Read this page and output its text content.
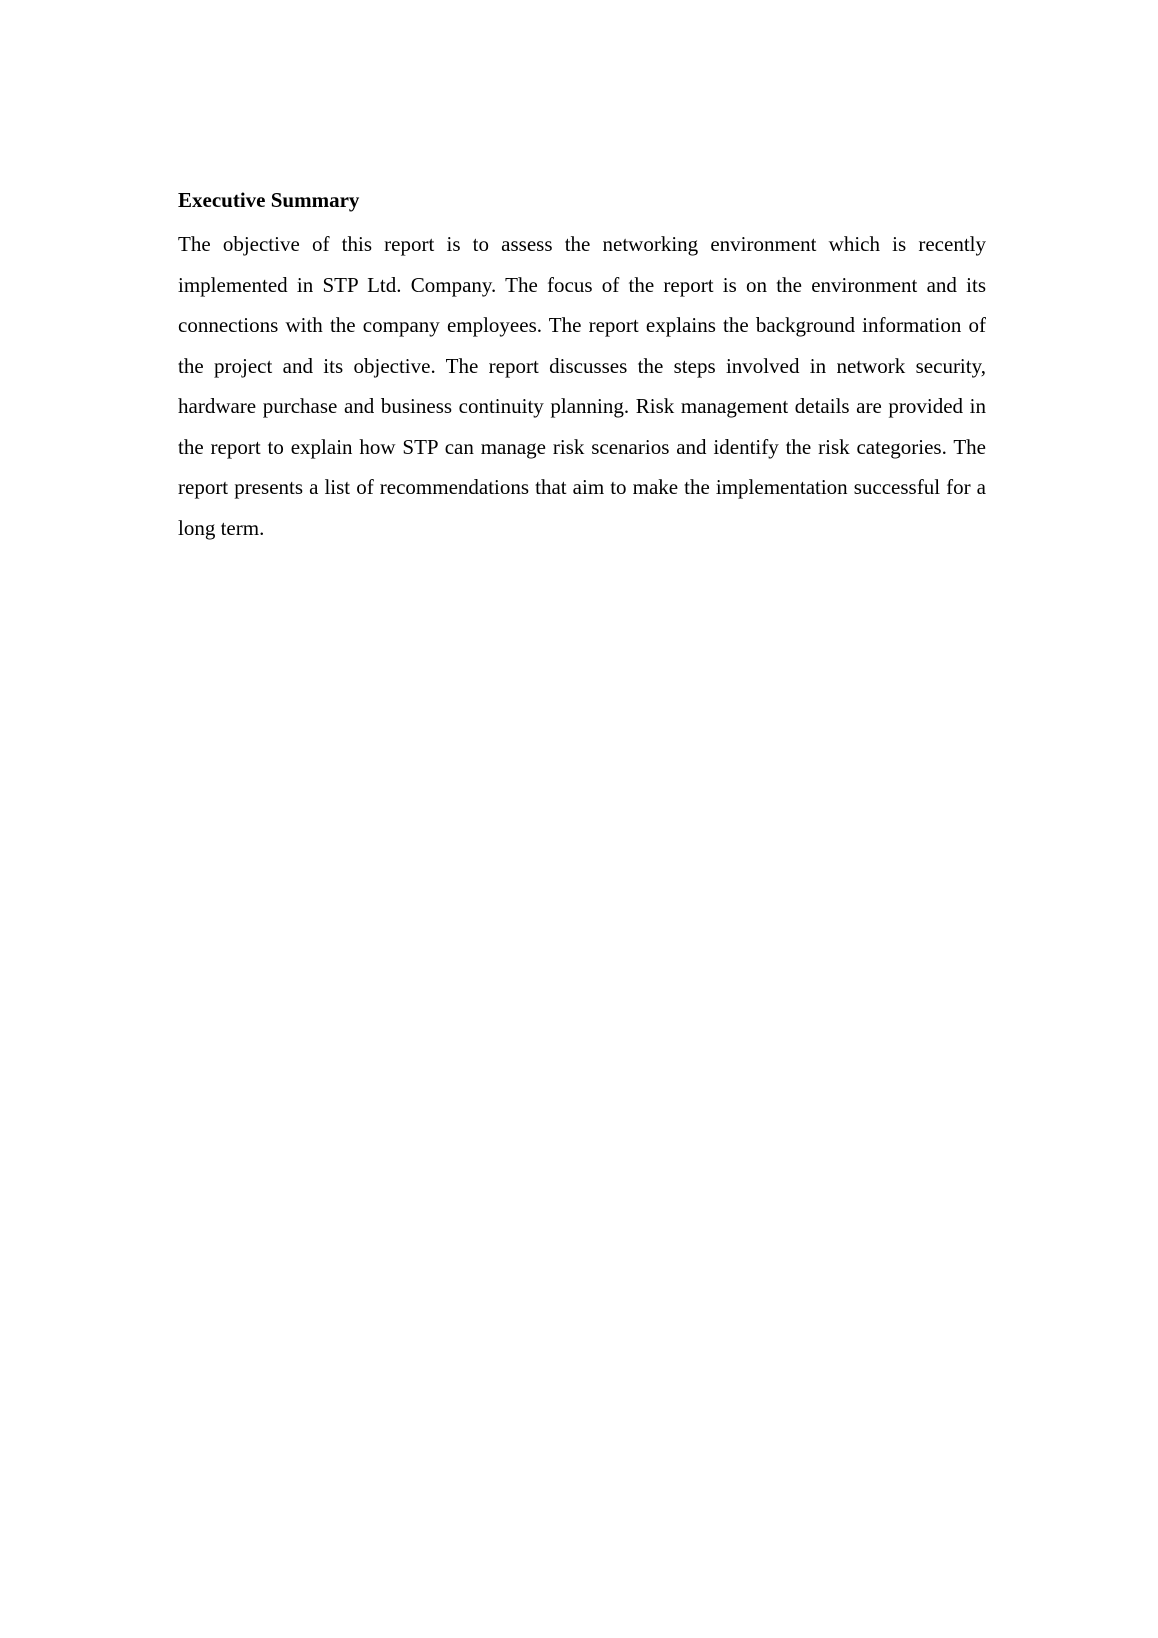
Executive Summary

The objective of this report is to assess the networking environment which is recently implemented in STP Ltd. Company. The focus of the report is on the environment and its connections with the company employees. The report explains the background information of the project and its objective. The report discusses the steps involved in network security, hardware purchase and business continuity planning. Risk management details are provided in the report to explain how STP can manage risk scenarios and identify the risk categories. The report presents a list of recommendations that aim to make the implementation successful for a long term.
